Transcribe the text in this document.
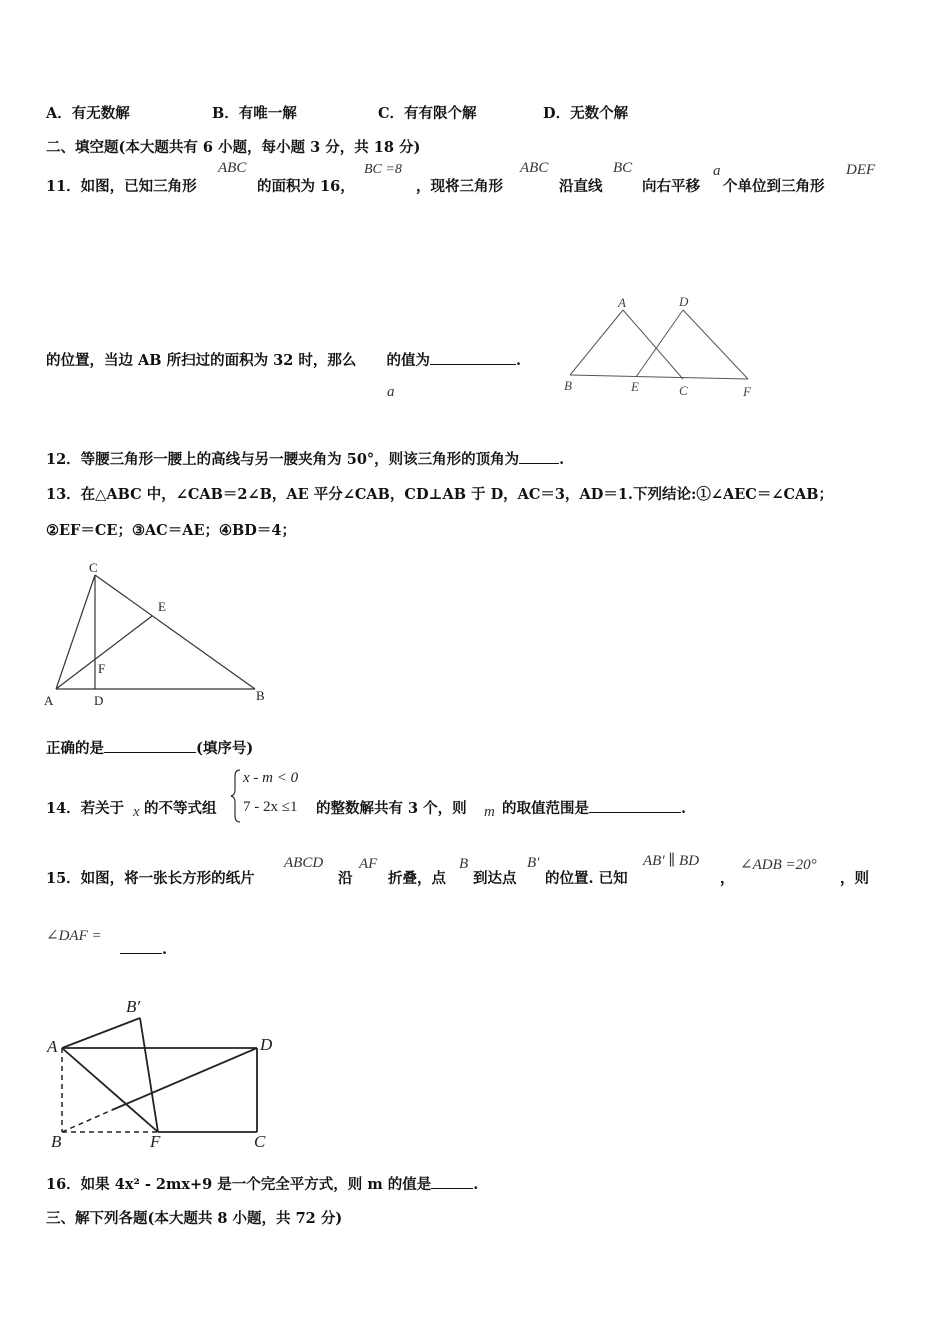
A．有无数解	B．有唯一解	C．有有限个解	D．无数个解
二、填空题(本大题共有 6 小题，每小题 3 分，共 18 分)
11．如图，已知三角形
ABC
的面积为 16，
BC =8
，现将三角形
ABC
沿直线
BC
向右平移
a
个单位到三角形
DEF
的位置，当边 AB 所扫过的面积为 32 时，那么 的值为	.
a
A	D
B	E	C	F
12．等腰三角形一腰上的高线与另一腰夹角为 50°，则该三角形的顶角为	.
13．在△ABC 中，∠CAB＝2∠B，AE 平分∠CAB，CD⊥AB 于 D，AC＝3，AD＝1.下列结论:①∠AEC＝∠CAB；
②EF＝CE；③AC＝AE；④BD＝4；
C
E
F
A	D	B
正确的是	(填序号)
14．若关于 x 的不等式组
x - m < 0
7 - 2x ≤1 的整数解共有 3 个，则 m 的取值范围是	.
15．如图，将一张长方形的纸片
ABCD
沿
AF
折叠，点
B
到达点
B′
的位置. 已知
AB′ ∥ BD
，
∠ADB =20°
，则
∠DAF =
.
B′
A	D
B	F	C
16．如果 4x² - 2mx+9 是一个完全平方式，则 m 的值是	.
三、解下列各题(本大题共 8 小题，共 72 分)
